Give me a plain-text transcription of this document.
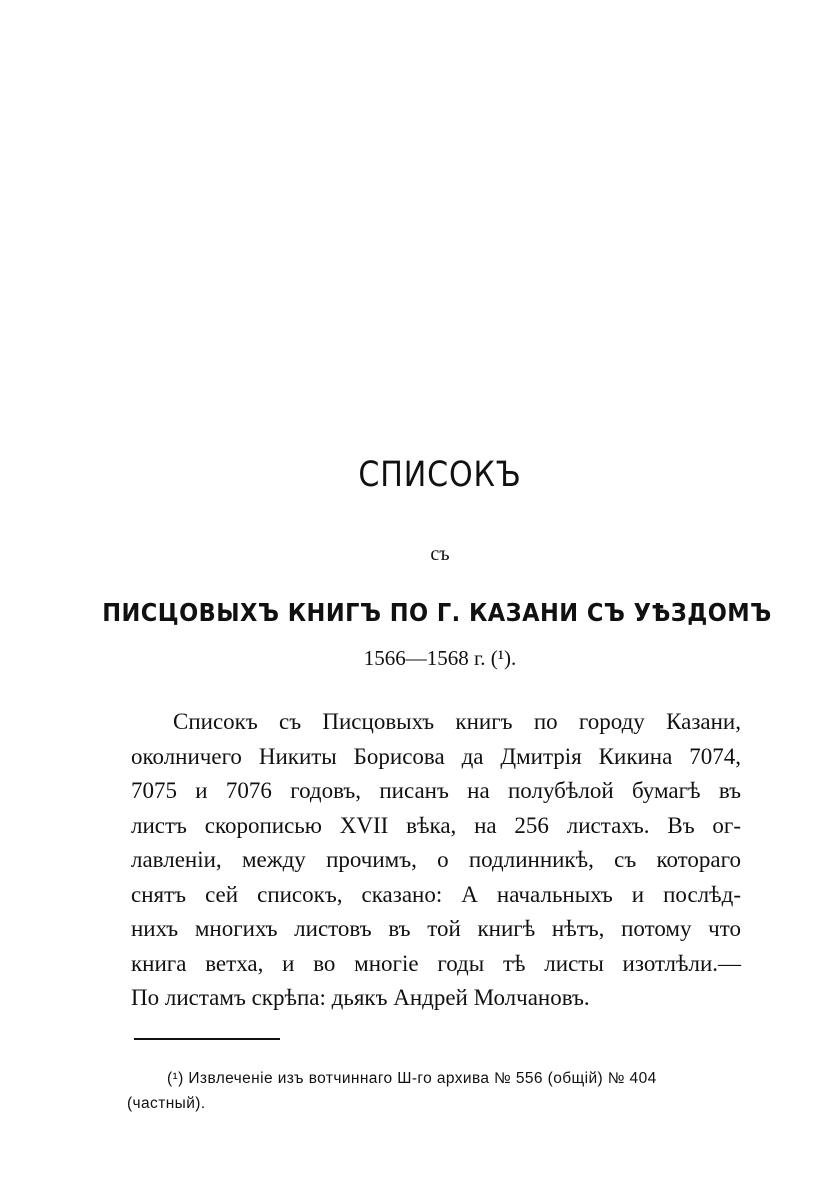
СПИСОКЪ
съ
ПИСЦОВЫХЪ КНИГЪ ПО Г. КАЗАНИ СЪ УѢЗДОМЪ
1566—1568 г. (¹).
Списокъ съ Писцовыхъ книгъ по городу Казани,
околничего Никиты Борисова да Дмитрія Кикина 7074,
7075 и 7076 годовъ, писанъ на полубѣлой бумагѣ въ
листъ скорописью XVII вѣка, на 256 листахъ. Въ ог-
лавленіи, между прочимъ, о подлинникѣ, съ котораго
снятъ сей списокъ, сказано: А начальныхъ и послѣд-
нихъ многихъ листовъ въ той книгѣ нѣтъ, потому что
книга ветха, и во многіе годы тѣ листы изотлѣли.—
По листамъ скрѣпа: дьякъ Андрей Молчановъ.
(¹) Извлеченіе изъ вотчиннаго Ш-го архива № 556 (общій) № 404
(частный).
